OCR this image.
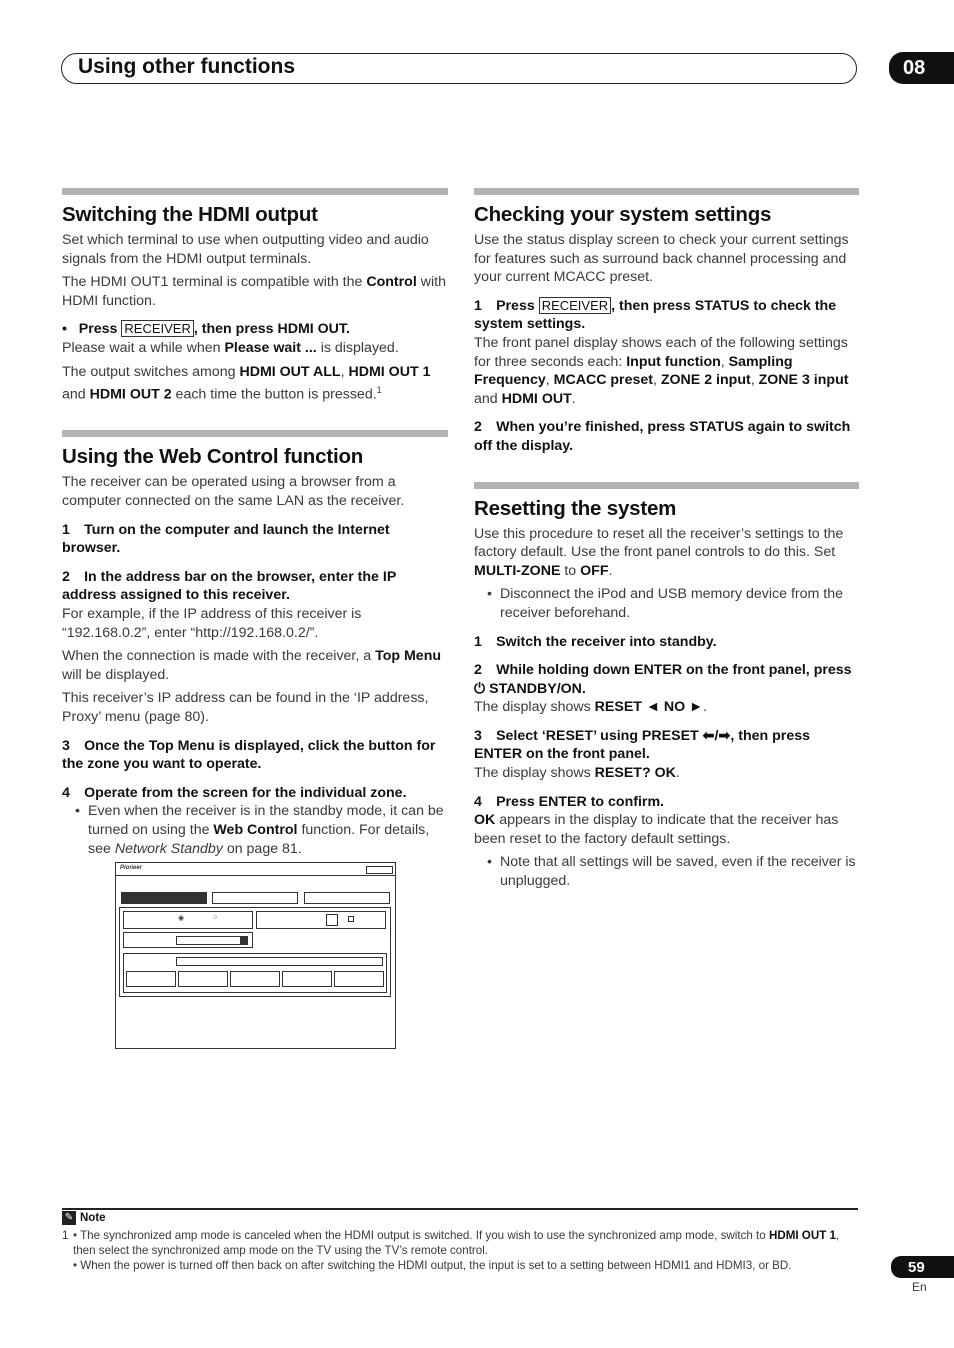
Using other functions	08
Switching the HDMI output

Set which terminal to use when outputting video and audio signals from the HDMI output terminals.

The HDMI OUT1 terminal is compatible with the Control with HDMI function.

•   Press RECEIVER , then press HDMI OUT.

Please wait a while when Please wait ... is displayed.

The output switches among HDMI OUT ALL, HDMI OUT 1 and HDMI OUT 2 each time the button is pressed.$^1$

Using the Web Control function

The receiver can be operated using a browser from a computer connected on the same LAN as the receiver.

1 Turn on the computer and launch the Internet browser.

2 In the address bar on the browser, enter the IP address assigned to this receiver.

For example, if the IP address of this receiver is “192.168.0.2”, enter “http://192.168.0.2/”.

When the connection is made with the receiver, a Top Menu will be displayed.

This receiver’s IP address can be found in the ‘IP address, Proxy’ menu (page 80).

3 Once the Top Menu is displayed, click the button for the zone you want to operate.

4 Operate from the screen for the individual zone.

• Even when the receiver is in the standby mode, it can be turned on using the Web Control function. For details, see Network Standby on page 81.

Pioneer
◉	○
Checking your system settings

Use the status display screen to check your current settings for features such as surround back channel processing and your current MCACC preset.

1 Press RECEIVER , then press STATUS to check the system settings.

The front panel display shows each of the following settings for three seconds each: Input function, Sampling Frequency, MCACC preset, ZONE 2 input, ZONE 3 input and HDMI OUT.

2 When you’re finished, press STATUS again to switch off the display.

Resetting the system

Use this procedure to reset all the receiver’s settings to the factory default. Use the front panel controls to do this. Set MULTI-ZONE to OFF.

• Disconnect the iPod and USB memory device from the receiver beforehand.

1 Switch the receiver into standby.

2 While holding down ENTER on the front panel, press ⏻ STANDBY/ON.

The display shows RESET ◄ NO ►.

3 Select ‘RESET’ using PRESET ⬅/➡, then press ENTER on the front panel.

The display shows RESET? OK.

4 Press ENTER to confirm.

OK appears in the display to indicate that the receiver has been reset to the factory default settings.

• Note that all settings will be saved, even if the receiver is unplugged.

✎ Note
1 • The synchronized amp mode is canceled when the HDMI output is switched. If you wish to use the synchronized amp mode, switch to HDMI OUT 1, then select the synchronized amp mode on the TV using the TV’s remote control.
• When the power is turned off then back on after switching the HDMI output, the input is set to a setting between HDMI1 and HDMI3, or BD.	59
En
